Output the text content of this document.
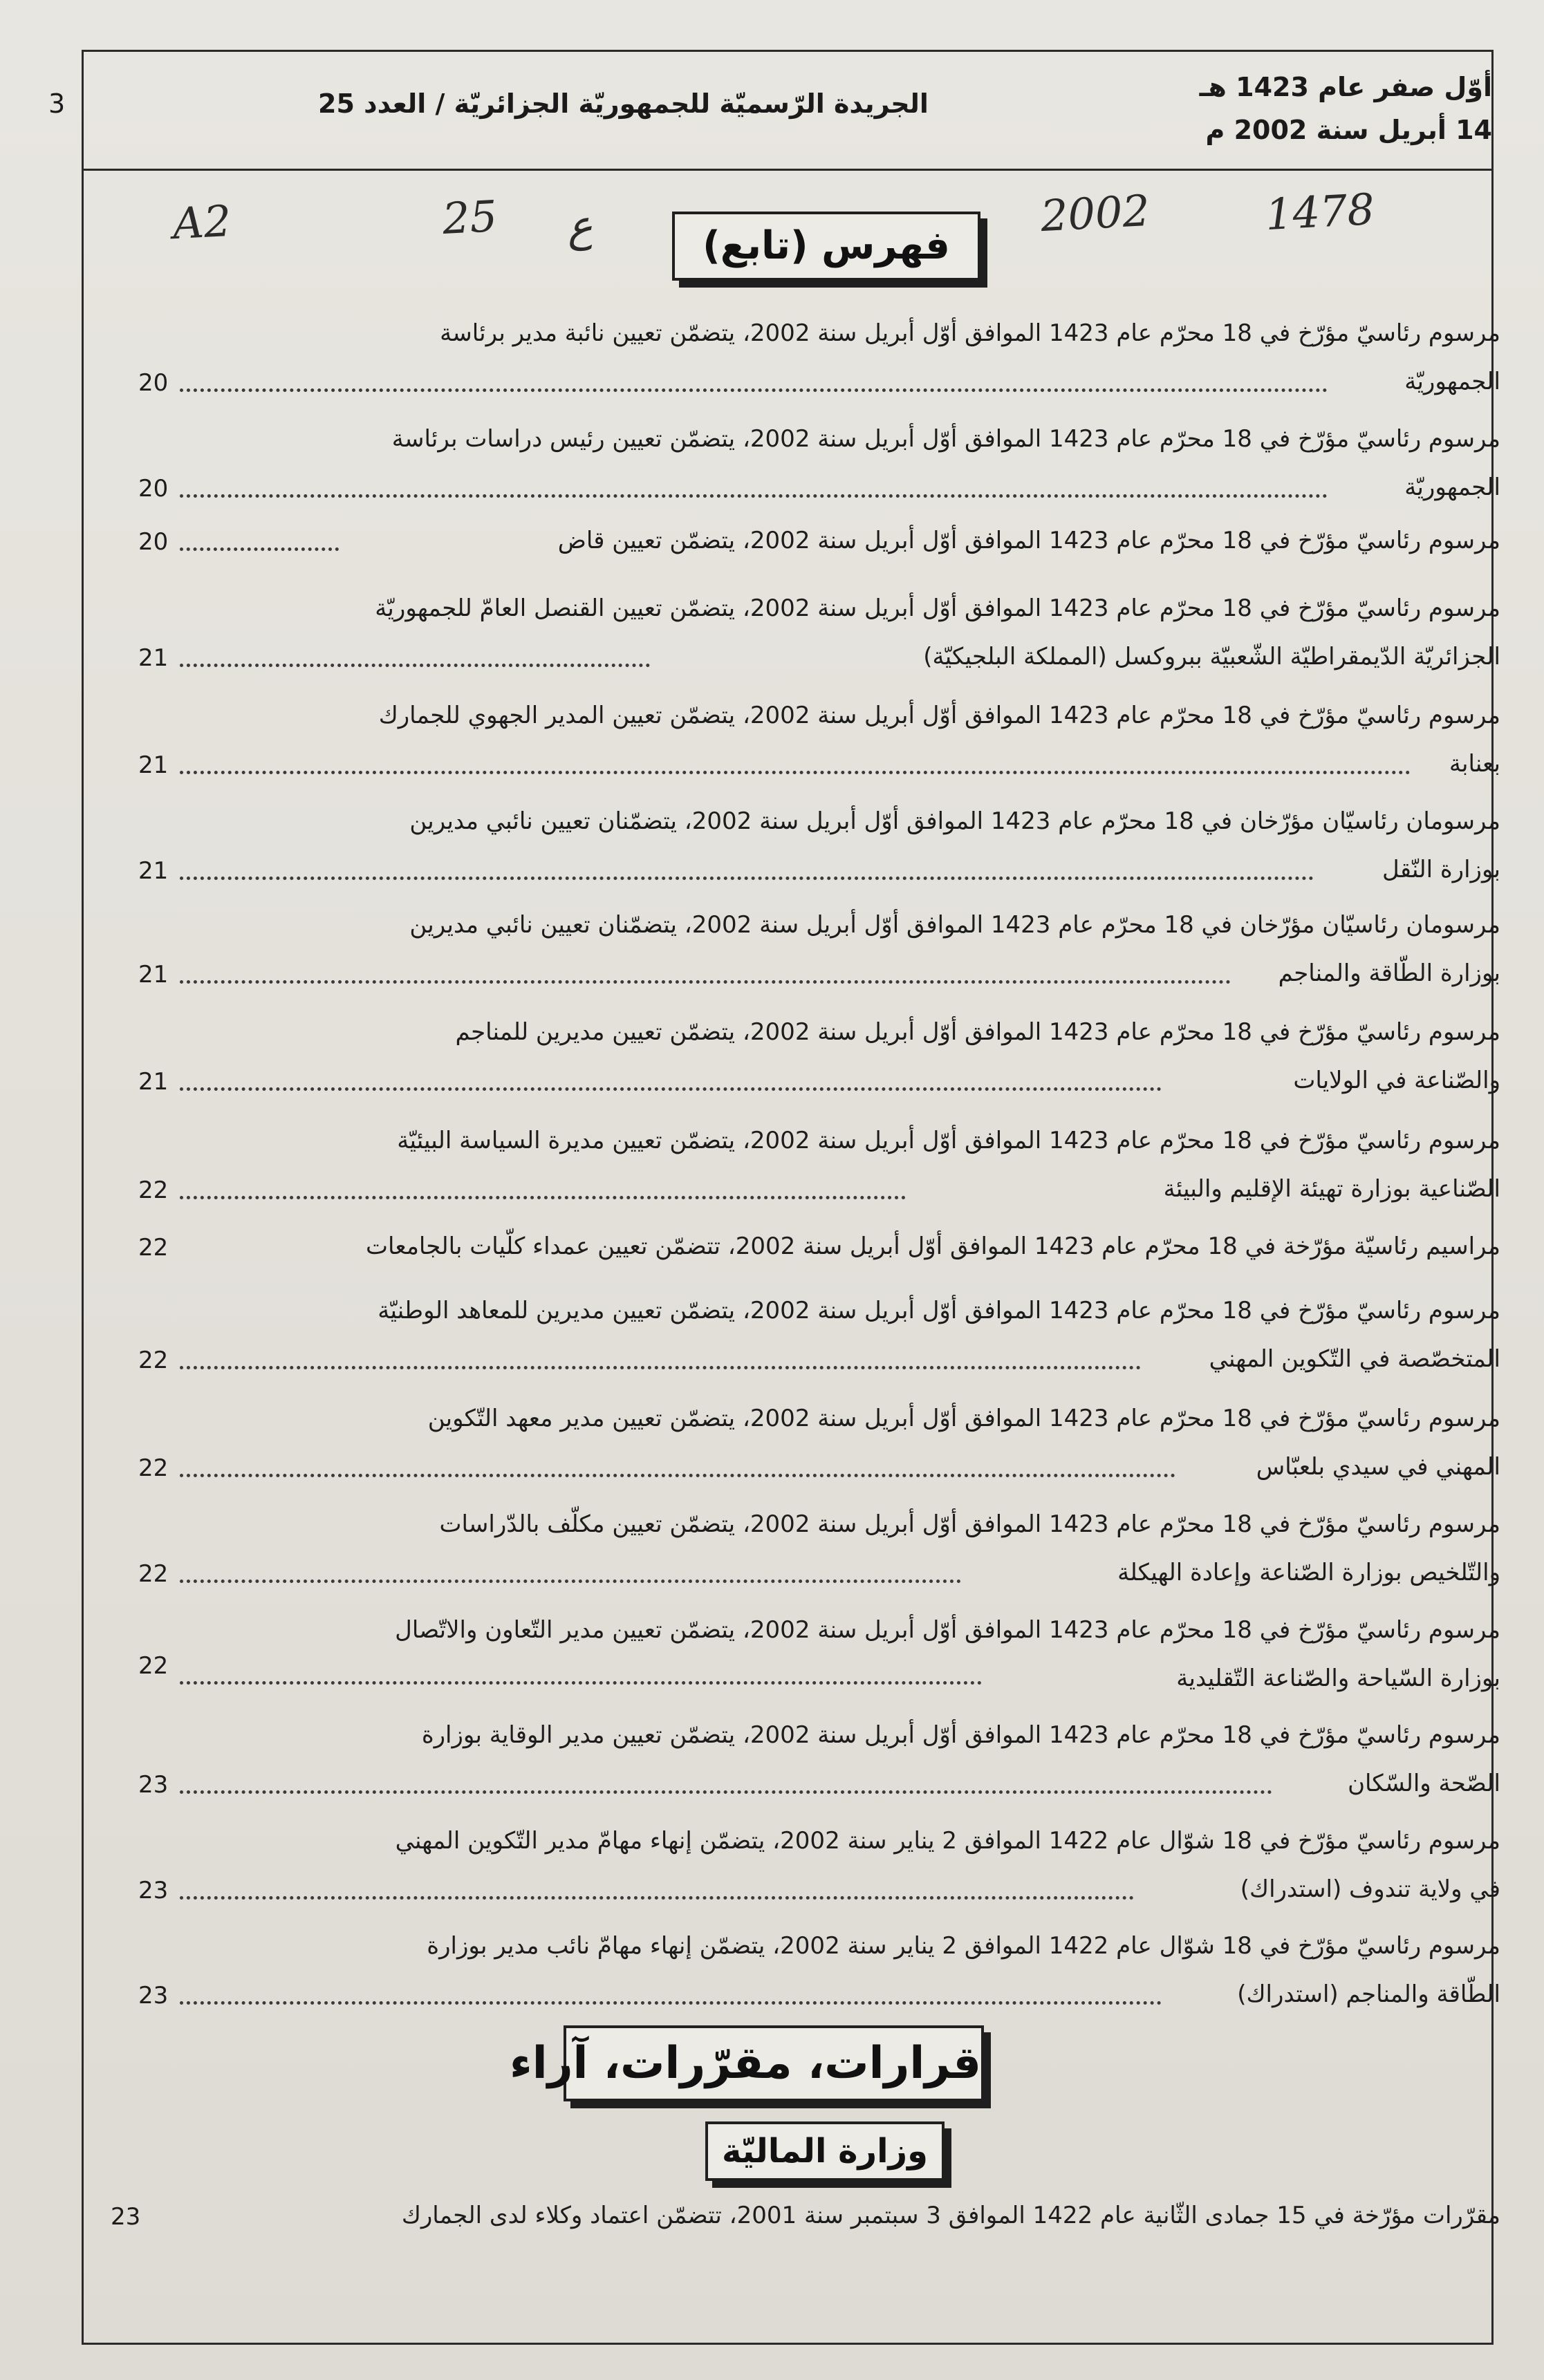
3	الجريدة الرّسميّة للجمهوريّة الجزائريّة / العدد 25
أوّل صفر عام 1423 هـ
14 أبريل سنة 2002 م
A2	25 ع	2002	1478
فهرس (تابع)
مرسوم رئاسيّ مؤرّخ في 18 محرّم عام 1423 الموافق أوّل أبريل سنة 2002، يتضمّن تعيين نائبة مدير برئاسة
الجمهوريّة
20
مرسوم رئاسيّ مؤرّخ في 18 محرّم عام 1423 الموافق أوّل أبريل سنة 2002، يتضمّن تعيين رئيس دراسات برئاسة
الجمهوريّة
20
مرسوم رئاسيّ مؤرّخ في 18 محرّم عام 1423 الموافق أوّل أبريل سنة 2002، يتضمّن تعيين قاض
20
مرسوم رئاسيّ مؤرّخ في 18 محرّم عام 1423 الموافق أوّل أبريل سنة 2002، يتضمّن تعيين القنصل العامّ للجمهوريّة
الجزائريّة الدّيمقراطيّة الشّعبيّة ببروكسل (المملكة البلجيكيّة)
21
مرسوم رئاسيّ مؤرّخ في 18 محرّم عام 1423 الموافق أوّل أبريل سنة 2002، يتضمّن تعيين المدير الجهوي للجمارك
بعنابة
21
مرسومان رئاسيّان مؤرّخان في 18 محرّم عام 1423 الموافق أوّل أبريل سنة 2002، يتضمّنان تعيين نائبي مديرين
بوزارة النّقل
21
مرسومان رئاسيّان مؤرّخان في 18 محرّم عام 1423 الموافق أوّل أبريل سنة 2002، يتضمّنان تعيين نائبي مديرين
بوزارة الطّاقة والمناجم
21
مرسوم رئاسيّ مؤرّخ في 18 محرّم عام 1423 الموافق أوّل أبريل سنة 2002، يتضمّن تعيين مديرين للمناجم
والصّناعة في الولايات
21
مرسوم رئاسيّ مؤرّخ في 18 محرّم عام 1423 الموافق أوّل أبريل سنة 2002، يتضمّن تعيين مديرة السياسة البيئيّة
الصّناعية بوزارة تهيئة الإقليم والبيئة
22
مراسيم رئاسيّة مؤرّخة في 18 محرّم عام 1423 الموافق أوّل أبريل سنة 2002، تتضمّن تعيين عمداء كلّيات بالجامعات
22
مرسوم رئاسيّ مؤرّخ في 18 محرّم عام 1423 الموافق أوّل أبريل سنة 2002، يتضمّن تعيين مديرين للمعاهد الوطنيّة
المتخصّصة في التّكوين المهني
22
مرسوم رئاسيّ مؤرّخ في 18 محرّم عام 1423 الموافق أوّل أبريل سنة 2002، يتضمّن تعيين مدير معهد التّكوين
المهني في سيدي بلعبّاس
22
مرسوم رئاسيّ مؤرّخ في 18 محرّم عام 1423 الموافق أوّل أبريل سنة 2002، يتضمّن تعيين مكلّف بالدّراسات
والتّلخيص بوزارة الصّناعة وإعادة الهيكلة
22
مرسوم رئاسيّ مؤرّخ في 18 محرّم عام 1423 الموافق أوّل أبريل سنة 2002، يتضمّن تعيين مدير التّعاون والاتّصال
بوزارة السّياحة والصّناعة التّقليدية
22
مرسوم رئاسيّ مؤرّخ في 18 محرّم عام 1423 الموافق أوّل أبريل سنة 2002، يتضمّن تعيين مدير الوقاية بوزارة
الصّحة والسّكان
23
مرسوم رئاسيّ مؤرّخ في 18 شوّال عام 1422 الموافق 2 يناير سنة 2002، يتضمّن إنهاء مهامّ مدير التّكوين المهني
في ولاية تندوف (استدراك)
23
مرسوم رئاسيّ مؤرّخ في 18 شوّال عام 1422 الموافق 2 يناير سنة 2002، يتضمّن إنهاء مهامّ نائب مدير بوزارة
الطّاقة والمناجم (استدراك)
23
قرارات، مقرّرات، آراء
وزارة الماليّة
مقرّرات مؤرّخة في 15 جمادى الثّانية عام 1422 الموافق 3 سبتمبر سنة 2001، تتضمّن اعتماد وكلاء لدى الجمارك
23
